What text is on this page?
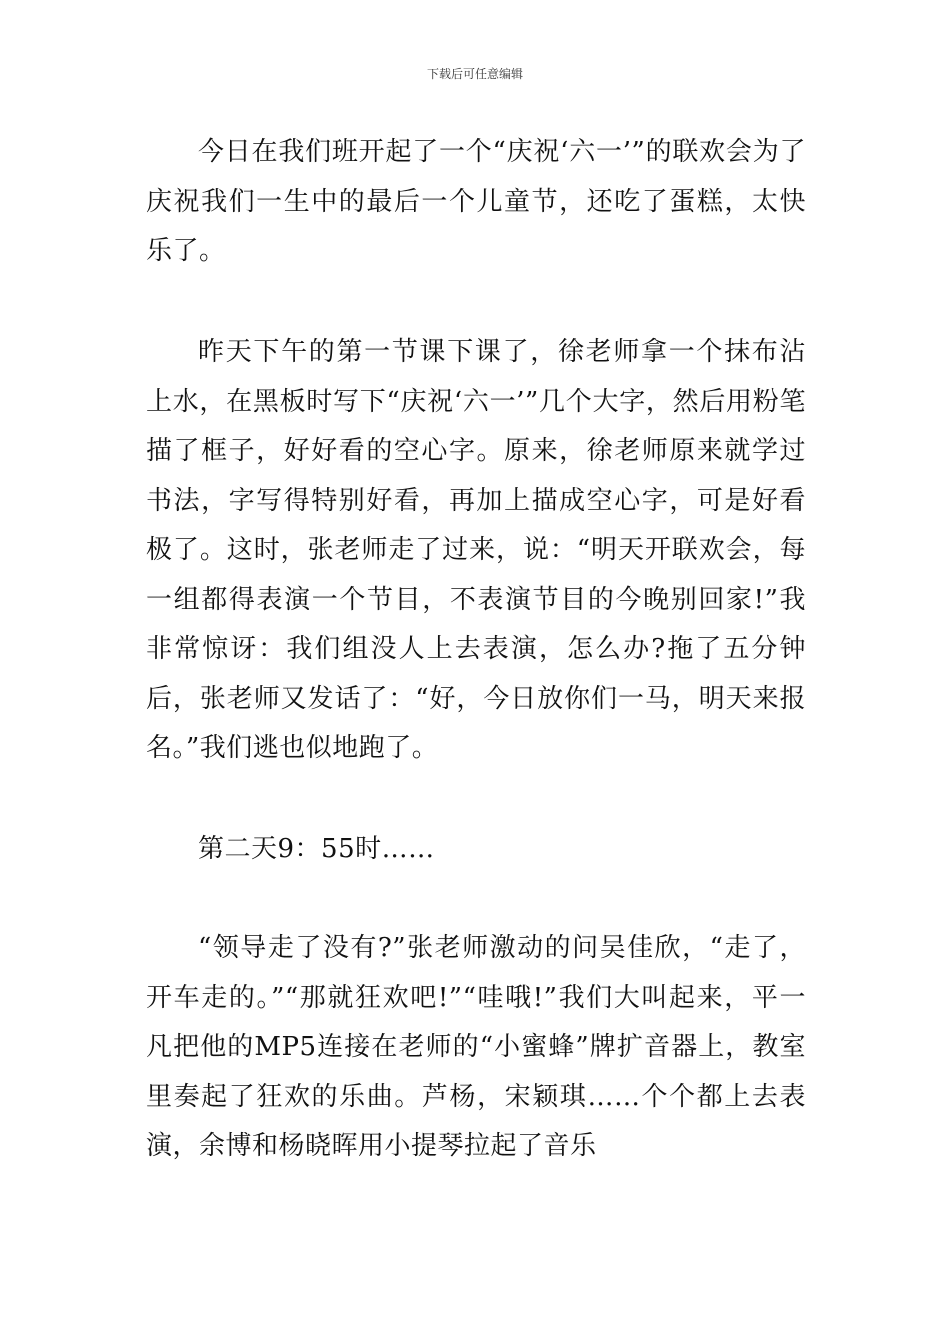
下载后可任意编辑

今日在我们班开起了一个“庆祝‘六一’”的联欢会为了庆祝我们一生中的最后一个儿童节，还吃了蛋糕，太快乐了。

昨天下午的第一节课下课了，徐老师拿一个抹布沾上水，在黑板时写下“庆祝‘六一’”几个大字，然后用粉笔描了框子，好好看的空心字。原来，徐老师原来就学过书法，字写得特别好看，再加上描成空心字，可是好看极了。这时，张老师走了过来，说：“明天开联欢会，每一组都得表演一个节目，不表演节目的今晚别回家!”我非常惊讶：我们组没人上去表演，怎么办?拖了五分钟后，张老师又发话了：“好，今日放你们一马，明天来报名。”我们逃也似地跑了。

第二天9：55时……

“领导走了没有?”张老师激动的问吴佳欣，“走了，开车走的。”“那就狂欢吧!”“哇哦!”我们大叫起来，平一凡把他的MP5连接在老师的“小蜜蜂”牌扩音器上，教室里奏起了狂欢的乐曲。芦杨，宋颖琪……个个都上去表演，余博和杨晓晖用小提琴拉起了音乐
